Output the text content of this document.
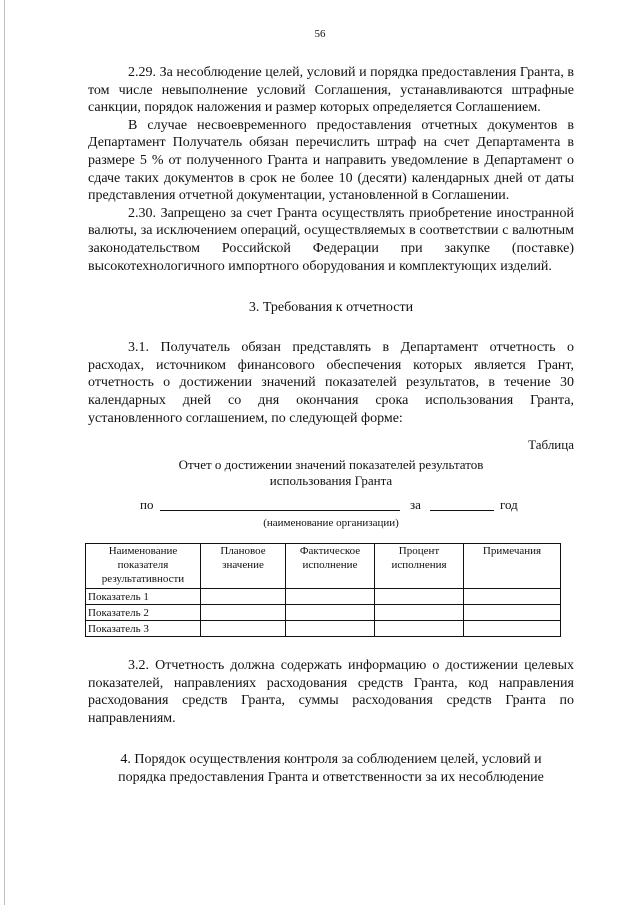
56

2.29. За несоблюдение целей, условий и порядка предоставления Гранта, в том числе невыполнение условий Соглашения, устанавливаются штрафные санкции, порядок наложения и размер которых определяется Соглашением.

В случае несвоевременного предоставления отчетных документов в Департамент Получатель обязан перечислить штраф на счет Департамента в размере 5 % от полученного Гранта и направить уведомление в Департамент о сдаче таких документов в срок не более 10 (десяти) календарных дней от даты представления отчетной документации, установленной в Соглашении.

2.30. Запрещено за счет Гранта осуществлять приобретение иностранной валюты, за исключением операций, осуществляемых в соответствии с валютным законодательством Российской Федерации при закупке (поставке) высокотехнологичного импортного оборудования и комплектующих изделий.

3. Требования к отчетности

3.1. Получатель обязан представлять в Департамент отчетность о расходах, источником финансового обеспечения которых является Грант, отчетность о достижении значений показателей результатов, в течение 30 календарных дней со дня окончания срока использования Гранта, установленного соглашением, по следующей форме:

Таблица
Отчет о достижении значений показателей результатов
использования Гранта
по	за	год
(наименование организации)
Наименование показателя результативности	Плановое значение	Фактическое исполнение	Процент исполнения	Примечания
Показатель 1				
Показатель 2				
Показатель 3				

3.2. Отчетность должна содержать информацию о достижении целевых показателей, направлениях расходования средств Гранта, код направления расходования средств Гранта, суммы расходования средств Гранта по направлениям.

4. Порядок осуществления контроля за соблюдением целей, условий и
порядка предоставления Гранта и ответственности за их несоблюдение
